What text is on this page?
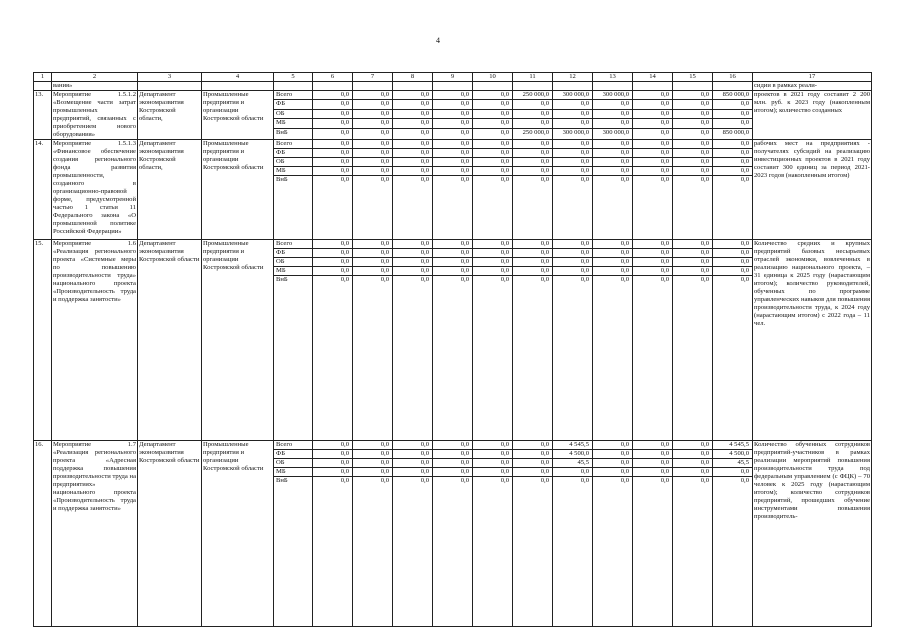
4
1	2	3	4	5	6	7	8	9	10	11	12	13	14	15	16	17
	вания»															сидии в рамках реали-
13.	Мероприятие 1.5.1.2 «Возмещение части затрат промышленных предприятий, связанных с приобретением нового оборудования»	Департамент экономразвития Костромской области,	Промышленные предприятия и организации Костромской области	Всего	0,0	0,0	0,0	0,0	0,0	250 000,0	300 000,0	300 000,0	0,0	0,0	850 000,0	проектов в 2021 году составит 2 200 млн. руб. к 2023 году (накопленным итогом); количество созданных
				ФБ	0,0	0,0	0,0	0,0	0,0	0,0	0,0	0,0	0,0	0,0	0,0	
				ОБ	0,0	0,0	0,0	0,0	0,0	0,0	0,0	0,0	0,0	0,0	0,0	
				МБ	0,0	0,0	0,0	0,0	0,0	0,0	0,0	0,0	0,0	0,0	0,0	
				ВнБ	0,0	0,0	0,0	0,0	0,0	250 000,0	300 000,0	300 000,0	0,0	0,0	850 000,0	
14.	Мероприятие 1.5.1.3 «Финансовое обеспечение создания регионального фонда развития промышленности, созданного в организационно-правовой форме, предусмотренной частью 1 статьи 11 Федерального закона «О промышленной политике Российской Федерации»	Департамент экономразвития Костромской области,	Промышленные предприятия и организации Костромской области	Всего	0,0	0,0	0,0	0,0	0,0	0,0	0,0	0,0	0,0	0,0	0,0	рабочих мест на предприятиях - получателях субсидий на реализацию инвестиционных проектов в 2021 году составит 300 единиц за период 2021-2023 годов (накопленным итогом)
				ФБ	0,0	0,0	0,0	0,0	0,0	0,0	0,0	0,0	0,0	0,0	0,0	
				ОБ	0,0	0,0	0,0	0,0	0,0	0,0	0,0	0,0	0,0	0,0	0,0	
				МБ	0,0	0,0	0,0	0,0	0,0	0,0	0,0	0,0	0,0	0,0	0,0	
				ВнБ	0,0	0,0	0,0	0,0	0,0	0,0	0,0	0,0	0,0	0,0	0,0	
15.	Мероприятие 1.6 «Реализация регионального проекта «Системные меры по повышению производительности труда» национального проекта «Производительность труда и поддержка занятости»	Департамент экономразвития Костромской области	Промышленные предприятия и организации Костромской области	Всего	0,0	0,0	0,0	0,0	0,0	0,0	0,0	0,0	0,0	0,0	0,0	Количество средних и крупных предприятий базовых несырьевых отраслей экономики, вовлеченных в реализацию национального проекта, – 31 единица к 2025 году (нарастающим итогом); количество руководителей, обученных по программе управленческих навыков для повышения производительности труда, к 2024 году (нарастающим итогом) с 2022 года – 11 чел.
				ФБ	0,0	0,0	0,0	0,0	0,0	0,0	0,0	0,0	0,0	0,0	0,0	
				ОБ	0,0	0,0	0,0	0,0	0,0	0,0	0,0	0,0	0,0	0,0	0,0	
				МБ	0,0	0,0	0,0	0,0	0,0	0,0	0,0	0,0	0,0	0,0	0,0	
				ВнБ	0,0	0,0	0,0	0,0	0,0	0,0	0,0	0,0	0,0	0,0	0,0	
16.	Мероприятие 1.7 «Реализация регионального проекта «Адресная поддержка повышения производительности труда на предприятиях» национального проекта «Производительность труда и поддержка занятости»	Департамент экономразвития Костромской области	Промышленные предприятия и организации Костромской области	Всего	0,0	0,0	0,0	0,0	0,0	0,0	4 545,5	0,0	0,0	0,0	4 545,5	Количество обученных сотрудников предприятий-участников в рамках реализации мероприятий повышения производительности труда под федеральным управлением (с ФЦК) – 70 человек к 2025 году (нарастающим итогом); количество сотрудников предприятий, прошедших обучение инструментами повышения производитель-
				ФБ	0,0	0,0	0,0	0,0	0,0	0,0	4 500,0	0,0	0,0	0,0	4 500,0	
				ОБ	0,0	0,0	0,0	0,0	0,0	0,0	45,5	0,0	0,0	0,0	45,5	
				МБ	0,0	0,0	0,0	0,0	0,0	0,0	0,0	0,0	0,0	0,0	0,0	
				ВнБ	0,0	0,0	0,0	0,0	0,0	0,0	0,0	0,0	0,0	0,0	0,0	
